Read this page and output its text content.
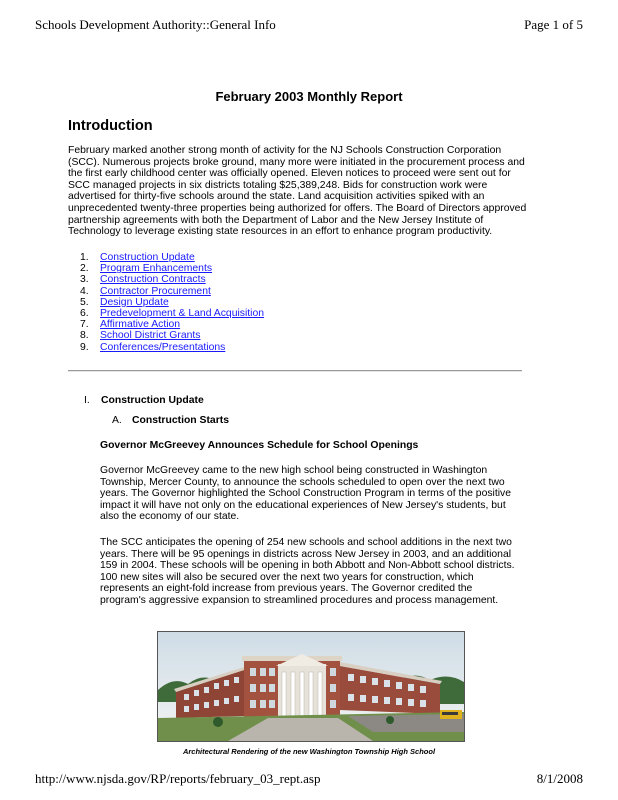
Schools Development Authority::General Info	Page 1 of 5
February 2003 Monthly Report
Introduction
February marked another strong month of activity for the NJ Schools Construction Corporation (SCC). Numerous projects broke ground, many more were initiated in the procurement process and the first early childhood center was officially opened. Eleven notices to proceed were sent out for SCC managed projects in six districts totaling $25,389,248. Bids for construction work were advertised for thirty-five schools around the state. Land acquisition activities spiked with an unprecedented twenty-three properties being authorized for offers. The Board of Directors approved partnership agreements with both the Department of Labor and the New Jersey Institute of Technology to leverage existing state resources in an effort to enhance program productivity.
1.	Construction Update
2.	Program Enhancements
3.	Construction Contracts
4.	Contractor Procurement
5.	Design Update
6.	Predevelopment & Land Acquisition
7.	Affirmative Action
8.	School District Grants
9.	Conferences/Presentations
I. Construction Update
A. Construction Starts
Governor McGreevey Announces Schedule for School Openings
Governor McGreevey came to the new high school being constructed in Washington Township, Mercer County, to announce the schools scheduled to open over the next two years. The Governor highlighted the School Construction Program in terms of the positive impact it will have not only on the educational experiences of New Jersey's students, but also the economy of our state.
The SCC anticipates the opening of 254 new schools and school additions in the next two years. There will be 95 openings in districts across New Jersey in 2003, and an additional 159 in 2004. These schools will be opening in both Abbott and Non-Abbott school districts. 100 new sites will also be secured over the next two years for construction, which represents an eight-fold increase from previous years. The Governor credited the program's aggressive expansion to streamlined procedures and process management.
Architectural Rendering of the new Washington Township High School
http://www.njsda.gov/RP/reports/february_03_rept.asp	8/1/2008
